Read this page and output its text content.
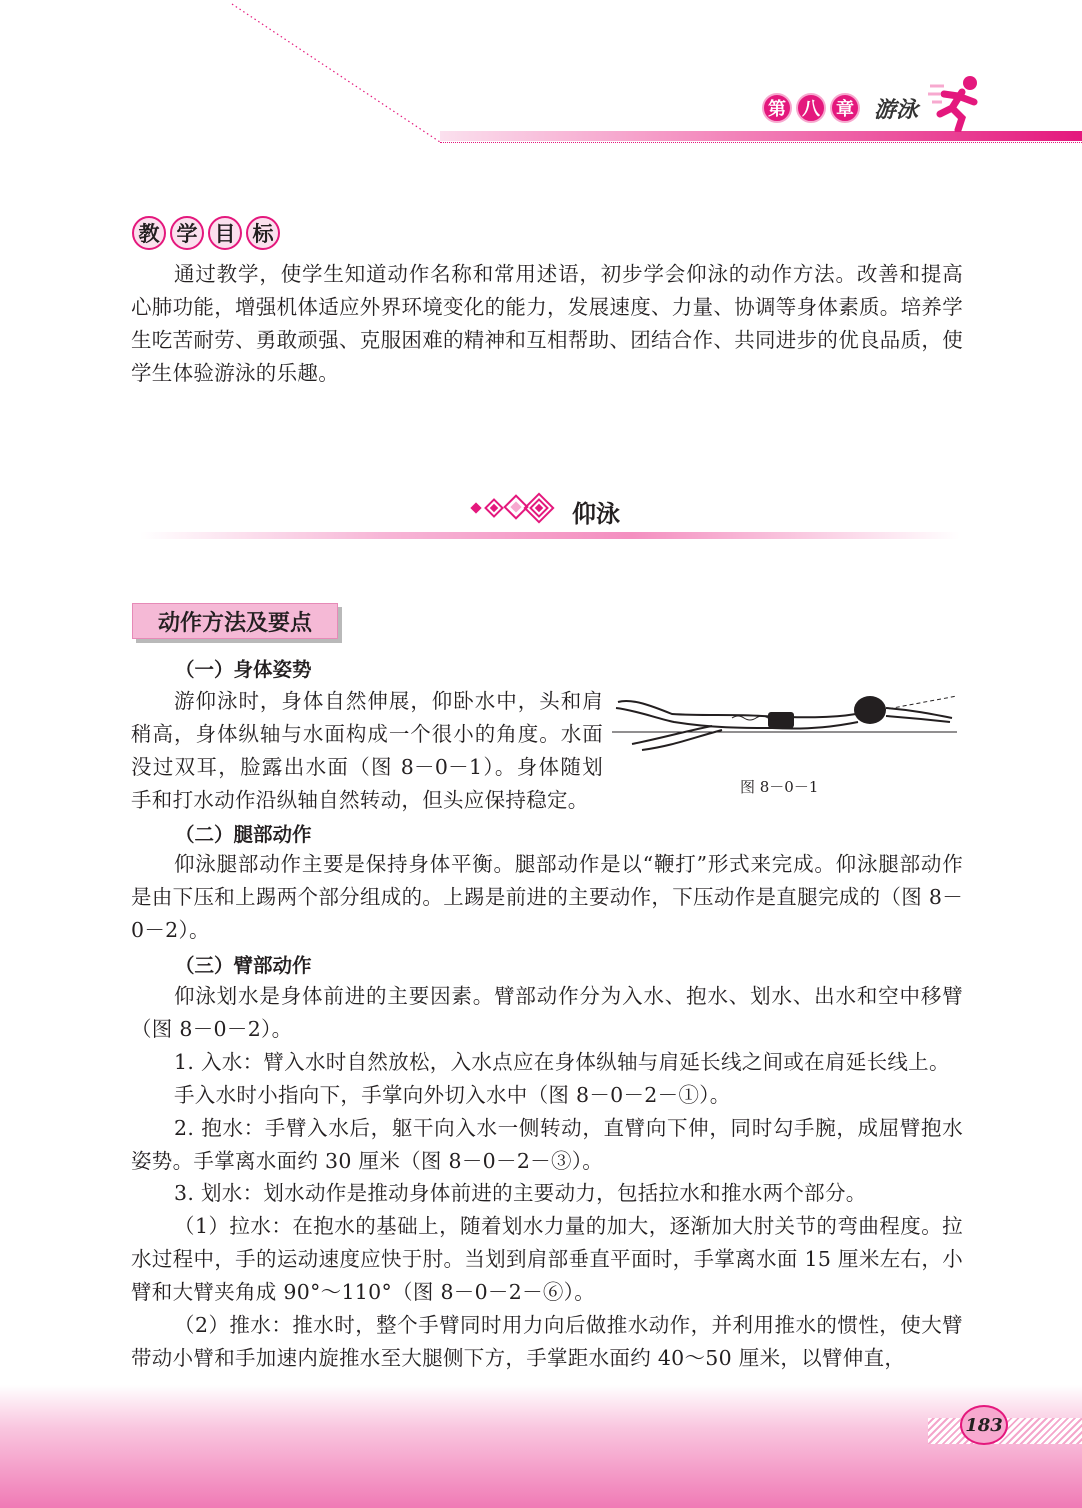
第 八 章 游泳
教 学 目 标
通过教学，使学生知道动作名称和常用述语，初步学会仰泳的动作方法。改善和提高心肺功能，增强机体适应外界环境变化的能力，发展速度、力量、协调等身体素质。培养学生吃苦耐劳、勇敢顽强、克服困难的精神和互相帮助、团结合作、共同进步的优良品质，使学生体验游泳的乐趣。
仰泳
动作方法及要点
（一）身体姿势
游仰泳时，身体自然伸展，仰卧水中，头和肩稍高，身体纵轴与水面构成一个很小的角度。水面没过双耳，脸露出水面（图 8－0－1）。身体随划手和打水动作沿纵轴自然转动，但头应保持稳定。
图 8－0－1
（二）腿部动作
仰泳腿部动作主要是保持身体平衡。腿部动作是以“鞭打”形式来完成。仰泳腿部动作是由下压和上踢两个部分组成的。上踢是前进的主要动作，下压动作是直腿完成的（图 8－0－2）。
（三）臂部动作
仰泳划水是身体前进的主要因素。臂部动作分为入水、抱水、划水、出水和空中移臂（图 8－0－2）。
1. 入水：臂入水时自然放松，入水点应在身体纵轴与肩延长线之间或在肩延长线上。
手入水时小指向下，手掌向外切入水中（图 8－0－2－①）。
2. 抱水：手臂入水后，躯干向入水一侧转动，直臂向下伸，同时勾手腕，成屈臂抱水姿势。手掌离水面约 30 厘米（图 8－0－2－③）。
3. 划水：划水动作是推动身体前进的主要动力，包括拉水和推水两个部分。
（1）拉水：在抱水的基础上，随着划水力量的加大，逐渐加大肘关节的弯曲程度。拉水过程中，手的运动速度应快于肘。当划到肩部垂直平面时，手掌离水面 15 厘米左右，小臂和大臂夹角成 90°～110°（图 8－0－2－⑥）。
（2）推水：推水时，整个手臂同时用力向后做推水动作，并利用推水的惯性，使大臂带动小臂和手加速内旋推水至大腿侧下方，手掌距水面约 40～50 厘米，以臂伸直，
183
